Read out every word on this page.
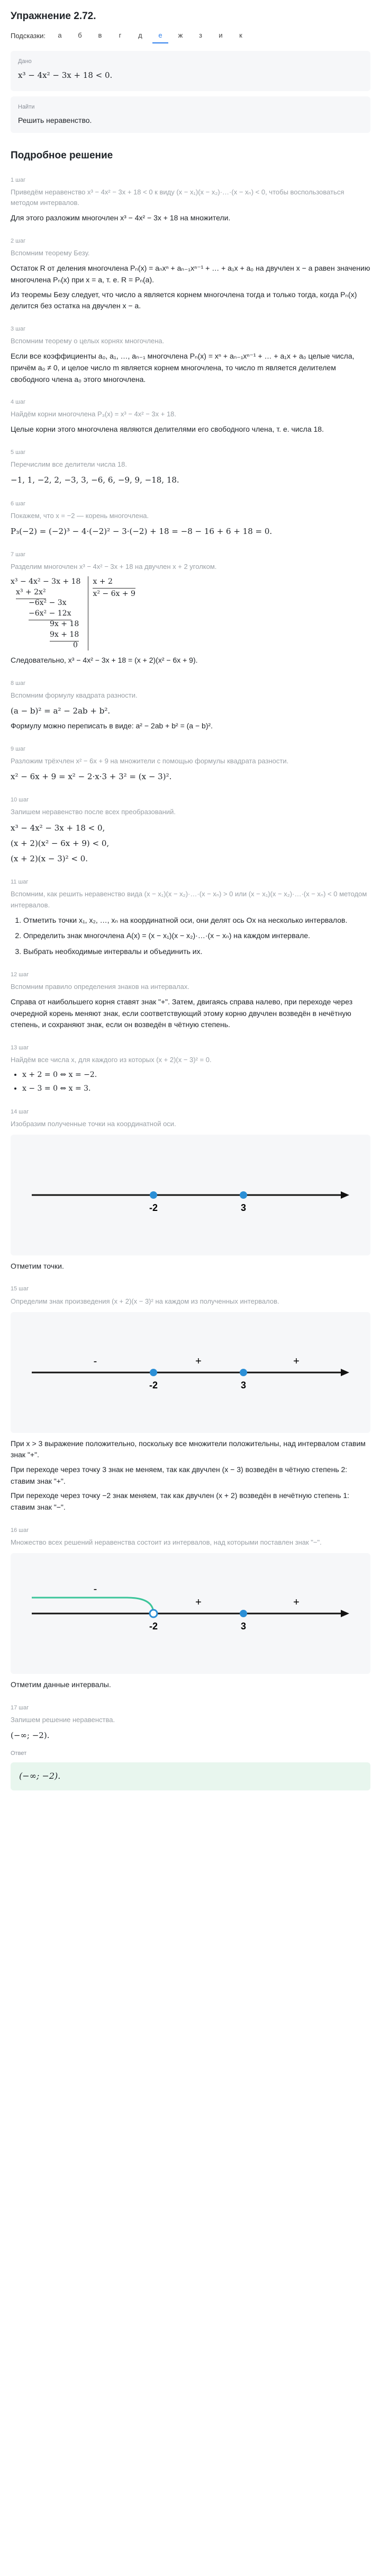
Упражнение 2.72.
Подсказки:	а	б	в	г	д	е	ж	з	и	к
Дано
x³ − 4x² − 3x + 18 < 0.
Найти
Решить неравенство.
Подробное решение
1 шаг
Приведём неравенство x³ − 4x² − 3x + 18 < 0 к виду (x − x₁)(x − x₂)·…·(x − xₙ) < 0, чтобы воспользоваться методом интервалов.

Для этого разложим многочлен x³ − 4x² − 3x + 18 на множители.

2 шаг
Вспомним теорему Безу.

Остаток R от деления многочлена Pₙ(x) = aₙxⁿ + aₙ₋₁xⁿ⁻¹ + … + a₁x + a₀ на двучлен x − a равен значению многочлена Pₙ(x) при x = a, т. е. R = Pₙ(a).

Из теоремы Безу следует, что число a является корнем многочлена тогда и только тогда, когда Pₙ(x) делится без остатка на двучлен x − a.

3 шаг
Вспомним теорему о целых корнях многочлена.

Если все коэффициенты a₀, a₁, …, aₙ₋₁ многочлена Pₙ(x) = xⁿ + aₙ₋₁xⁿ⁻¹ + … + a₁x + a₀ целые числа, причём a₀ ≠ 0, и целое число m является корнем многочлена, то число m является делителем свободного члена a₀ этого многочлена.

4 шаг
Найдём корни многочлена P₃(x) = x³ − 4x² − 3x + 18.

Целые корни этого многочлена являются делителями его свободного члена, т. е. числа 18.

5 шаг
Перечислим все делители числа 18.
−1, 1, −2, 2, −3, 3, −6, 6, −9, 9, −18, 18.
6 шаг
Покажем, что x = −2 — корень многочлена.
P₃(−2) = (−2)³ − 4·(−2)² − 3·(−2) + 18 = −8 − 16 + 6 + 18 = 0.
7 шаг
Разделим многочлен x³ − 4x² − 3x + 18 на двучлен x + 2 уголком.
x³ − 4x² − 3x + 18
x³ + 2x²
−6x² − 3x
−6x² − 12x
9x + 18
9x + 18
0
x + 2
x² − 6x + 9

Следовательно, x³ − 4x² − 3x + 18 = (x + 2)(x² − 6x + 9).

8 шаг
Вспомним формулу квадрата разности.
(a − b)² = a² − 2ab + b².

Формулу можно переписать в виде: a² − 2ab + b² = (a − b)².

9 шаг
Разложим трёхчлен x² − 6x + 9 на множители с помощью формулы квадрата разности.
x² − 6x + 9 = x² − 2·x·3 + 3² = (x − 3)².
10 шаг
Запишем неравенство после всех преобразований.
x³ − 4x² − 3x + 18 < 0,
(x + 2)(x² − 6x + 9) < 0,
(x + 2)(x − 3)² < 0.
11 шаг
Вспомним, как решить неравенство вида (x − x₁)(x − x₂)·…·(x − xₙ) > 0 или (x − x₁)(x − x₂)·…·(x − xₙ) < 0 методом интервалов.
1. Отметить точки x₁, x₂, …, xₙ на координатной оси, они делят ось Ox на несколько интервалов.
2. Определить знак многочлена A(x) = (x − x₁)(x − x₂)·…·(x − xₙ) на каждом интервале.
3. Выбрать необходимые интервалы и объединить их.
12 шаг
Вспомним правило определения знаков на интервалах.

Справа от наибольшего корня ставят знак "+". Затем, двигаясь справа налево, при переходе через очередной корень меняют знак, если соответствующий этому корню двучлен возведён в нечётную степень, и сохраняют знак, если он возведён в чётную степень.

13 шаг
Найдём все числа x, для каждого из которых (x + 2)(x − 3)² = 0.
• x + 2 = 0 ⇔ x = −2.
• x − 3 = 0 ⇔ x = 3.
14 шаг
Изобразим полученные точки на координатной оси.
-2	3

Отметим точки.

15 шаг
Определим знак произведения (x + 2)(x − 3)² на каждом из полученных интервалов.
-2	3
-	+	+

При x > 3 выражение положительно, поскольку все множители положительны, над интервалом ставим знак "+".

При переходе через точку 3 знак не меняем, так как двучлен (x − 3) возведён в чётную степень 2: ставим знак "+".

При переходе через точку −2 знак меняем, так как двучлен (x + 2) возведён в нечётную степень 1: ставим знак "−".

16 шаг
Множество всех решений неравенства состоит из интервалов, над которыми поставлен знак "−".
-2	3
-
+	+

Отметим данные интервалы.

17 шаг
Запишем решение неравенства.
(−∞; −2).
Ответ
(−∞; −2).
